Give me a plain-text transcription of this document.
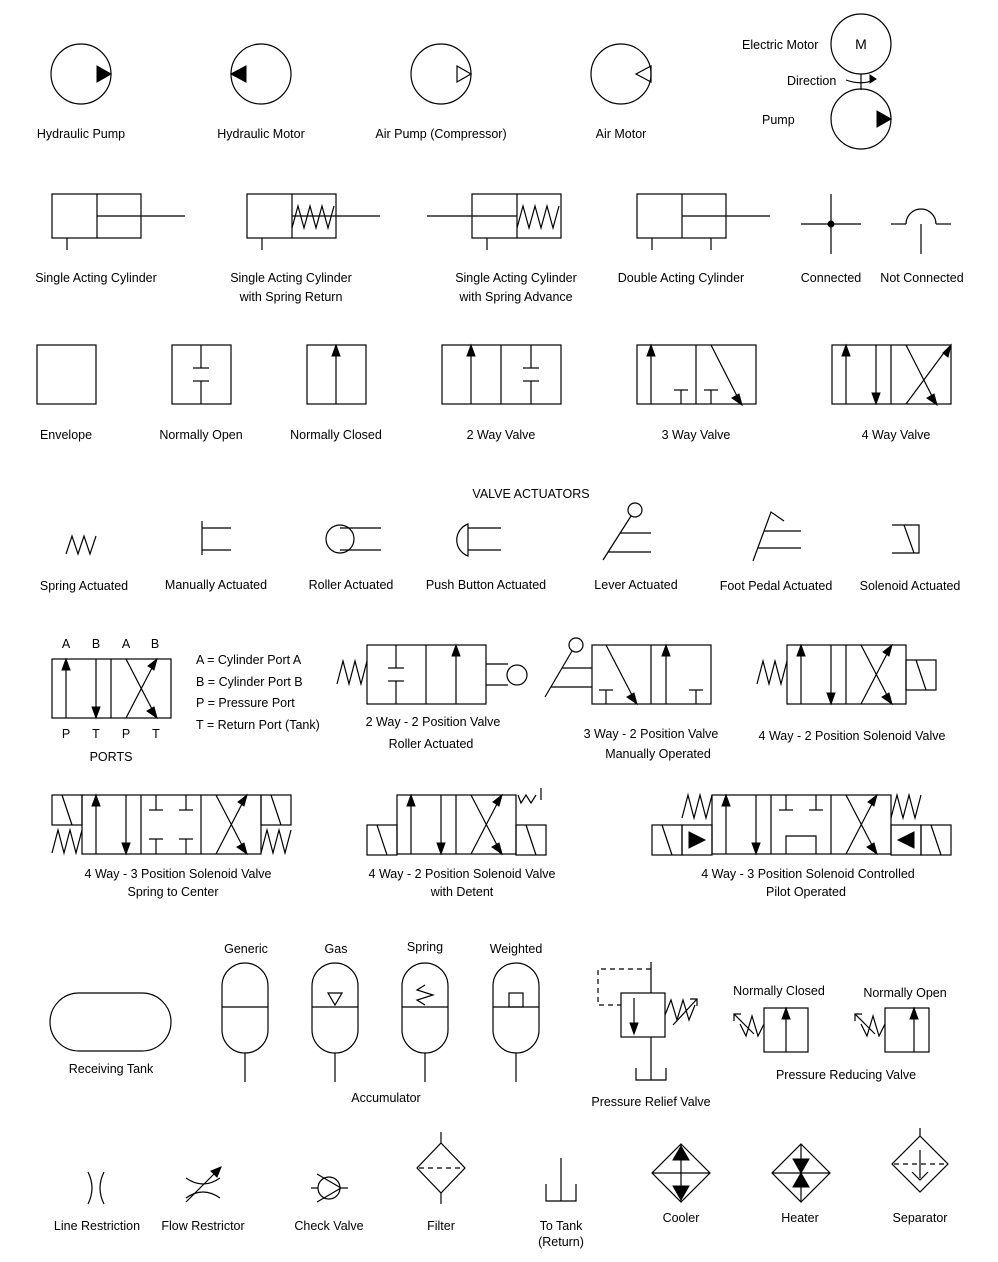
Hydraulic Pump	Hydraulic Motor	Air Pump (Compressor)	Air Motor
M
Electric Motor
Direction
Pump
Single Acting Cylinder	Single Acting Cylinder
with Spring Return
Single Acting Cylinder
with Spring Advance
Double Acting Cylinder	Connected Not Connected
Envelope	Normally Open	Normally Closed	2 Way Valve	3 Way Valve	4 Way Valve
VALVE ACTUATORS
Spring Actuated	Manually Actuated	Roller Actuated	Push Button Actuated	Lever Actuated	Foot Pedal Actuated Solenoid Actuated
A B A B
P T P T
PORTS
A = Cylinder Port A
B = Cylinder Port B
P = Pressure Port
T = Return Port (Tank)	2 Way - 2 Position Valve
Roller Actuated
3 Way - 2 Position Valve
Manually Operated
4 Way - 2 Position Solenoid Valve
4 Way - 3 Position Solenoid Valve
Spring to Center
4 Way - 2 Position Solenoid Valve
with Detent
4 Way - 3 Position Solenoid Controlled
Pilot Operated
Receiving Tank
Generic	Gas	Spring	Weighted
Accumulator	Pressure Relief Valve
Normally Closed	Normally Open
Pressure Reducing Valve
Line Restriction Flow Restrictor	Check Valve	Filter	To Tank
(Return)
Cooler	Heater	Separator
